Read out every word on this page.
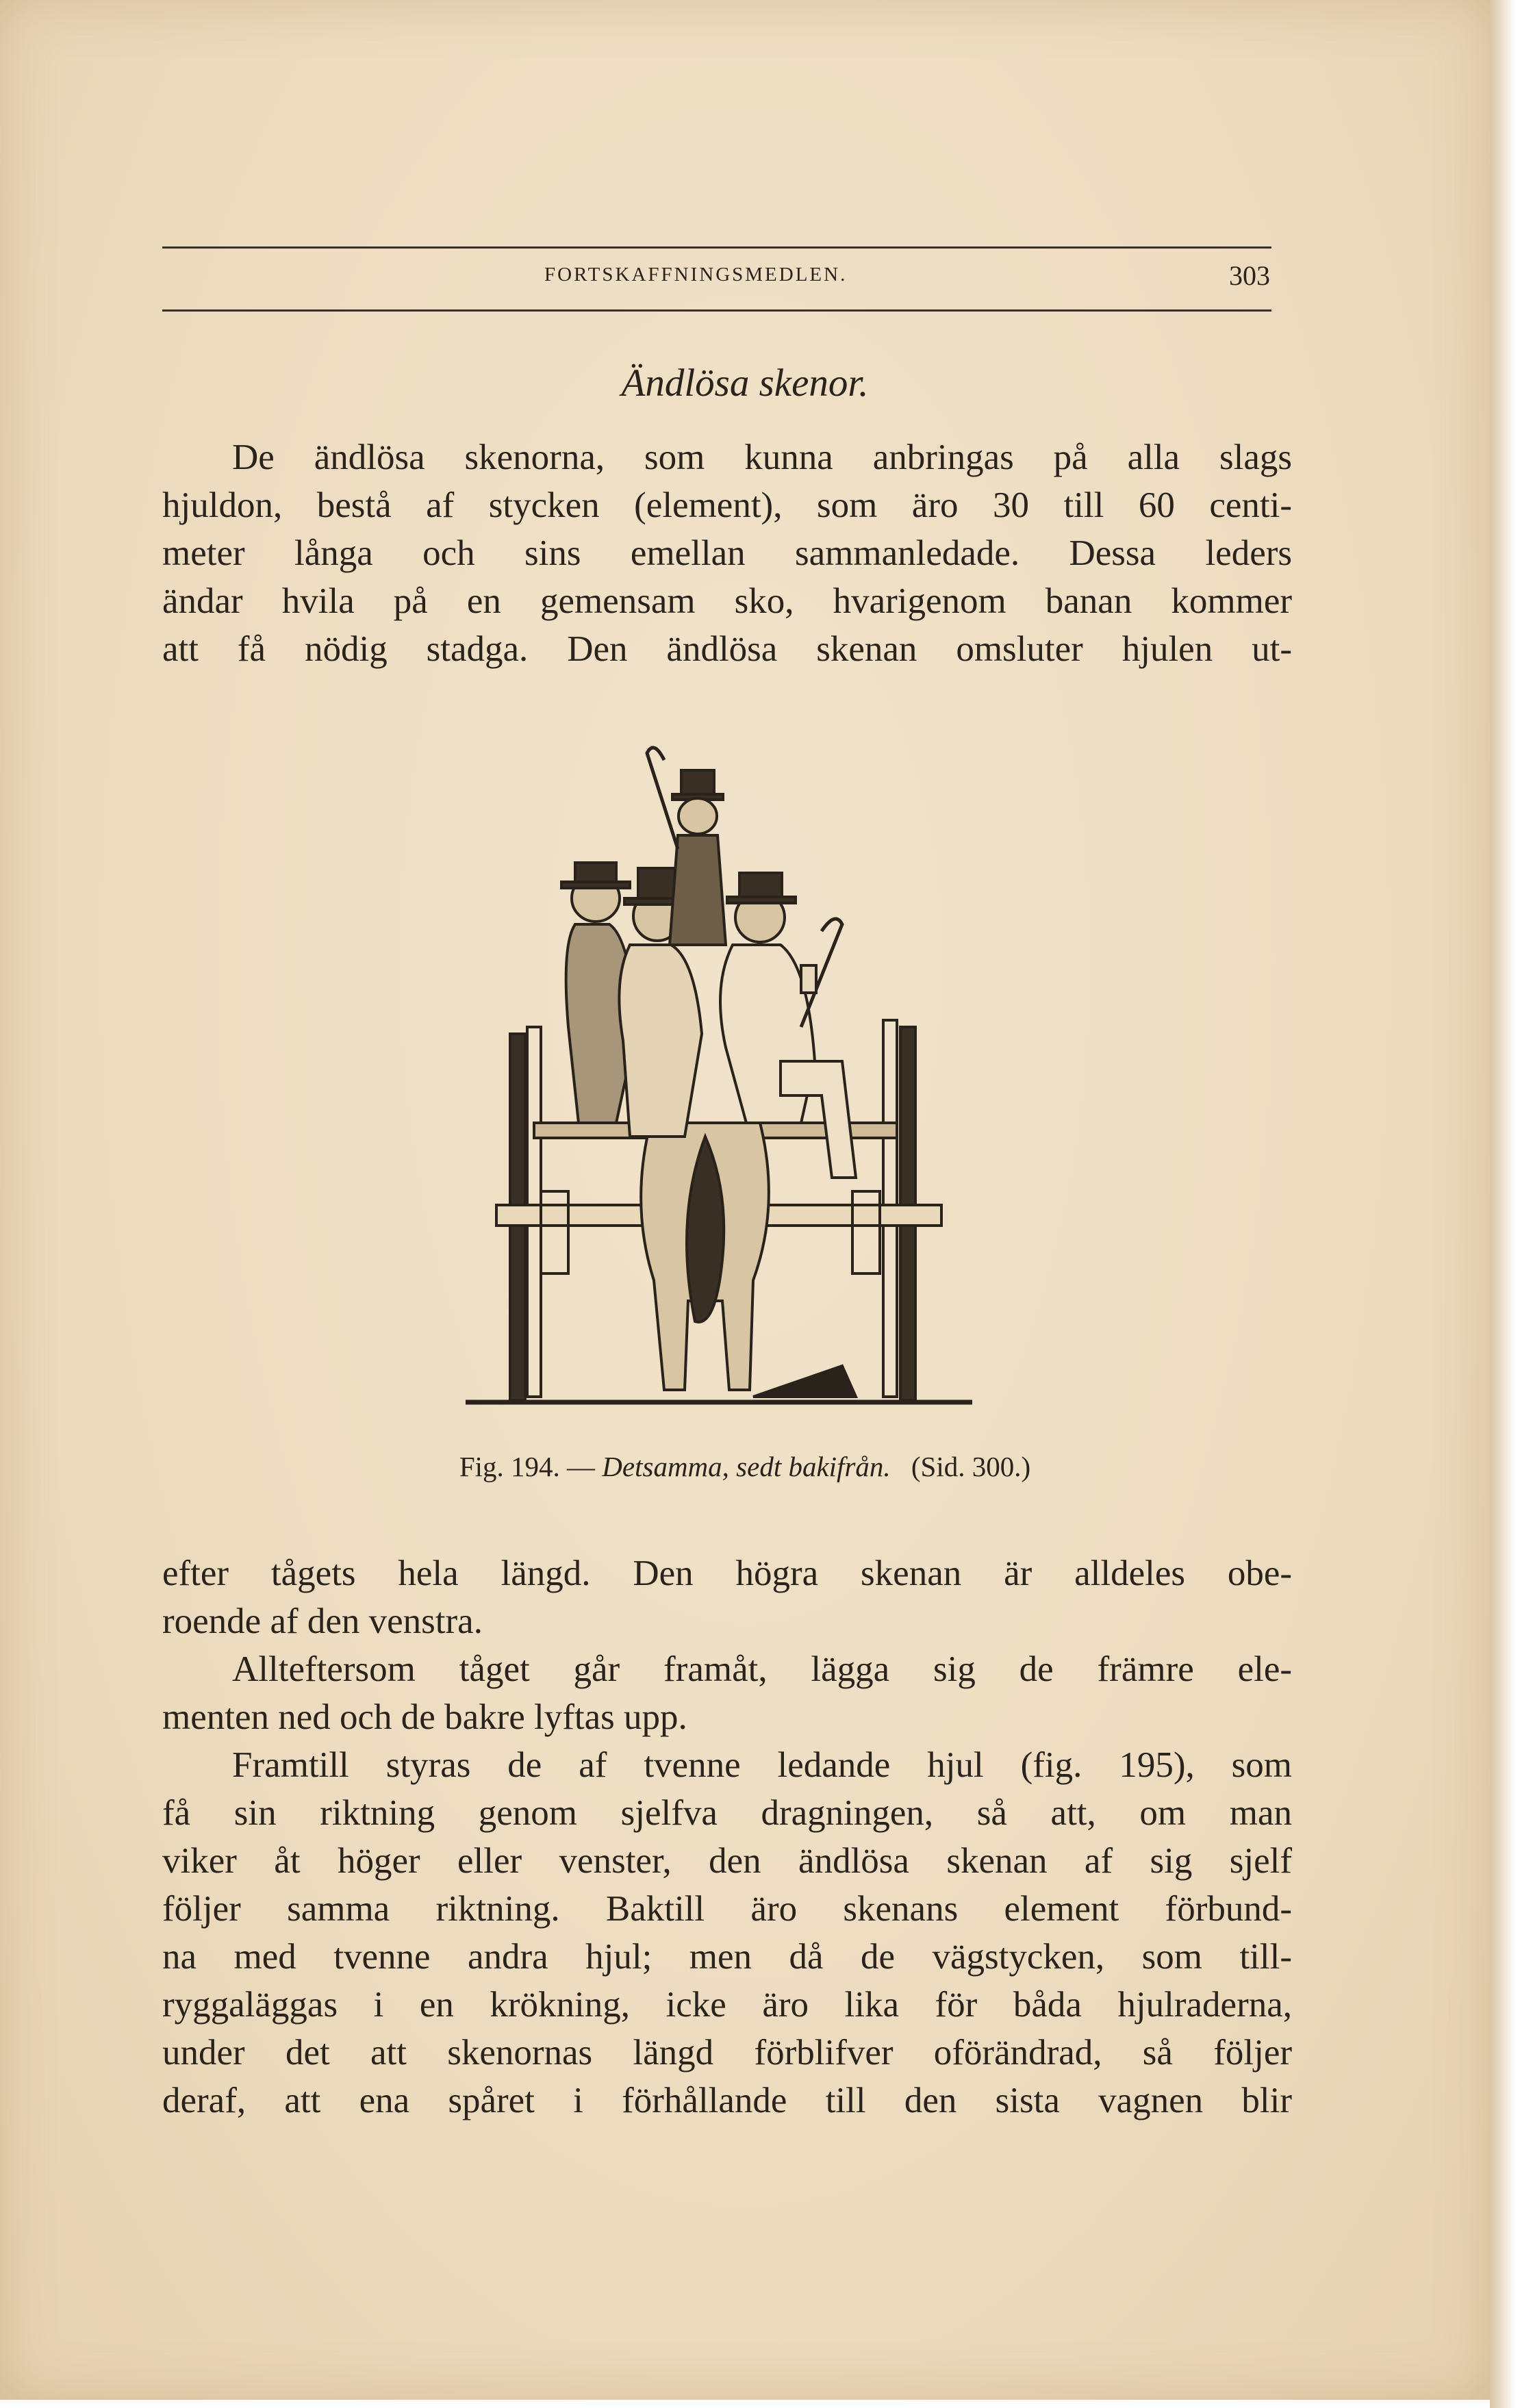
FORTSKAFFNINGSMEDLEN.	303
Ändlösa skenor.
De ändlösa skenorna, som kunna anbringas på alla slags
hjuldon, bestå af stycken (element), som äro 30 till 60 centi-
meter långa och sins emellan sammanledade. Dessa leders
ändar hvila på en gemensam sko, hvarigenom banan kommer
att få nödig stadga. Den ändlösa skenan omsluter hjulen ut-
Fig. 194. — Detsamma, sedt bakifrån. (Sid. 300.)
efter tågets hela längd. Den högra skenan är alldeles obe-
roende af den venstra.
Allteftersom tåget går framåt, lägga sig de främre ele-
menten ned och de bakre lyftas upp.
Framtill styras de af tvenne ledande hjul (fig. 195), som
få sin riktning genom sjelfva dragningen, så att, om man
viker åt höger eller venster, den ändlösa skenan af sig sjelf
följer samma riktning. Baktill äro skenans element förbund-
na med tvenne andra hjul; men då de vägstycken, som till-
ryggaläggas i en krökning, icke äro lika för båda hjulraderna,
under det att skenornas längd förblifver oförändrad, så följer
deraf, att ena spåret i förhållande till den sista vagnen blir
